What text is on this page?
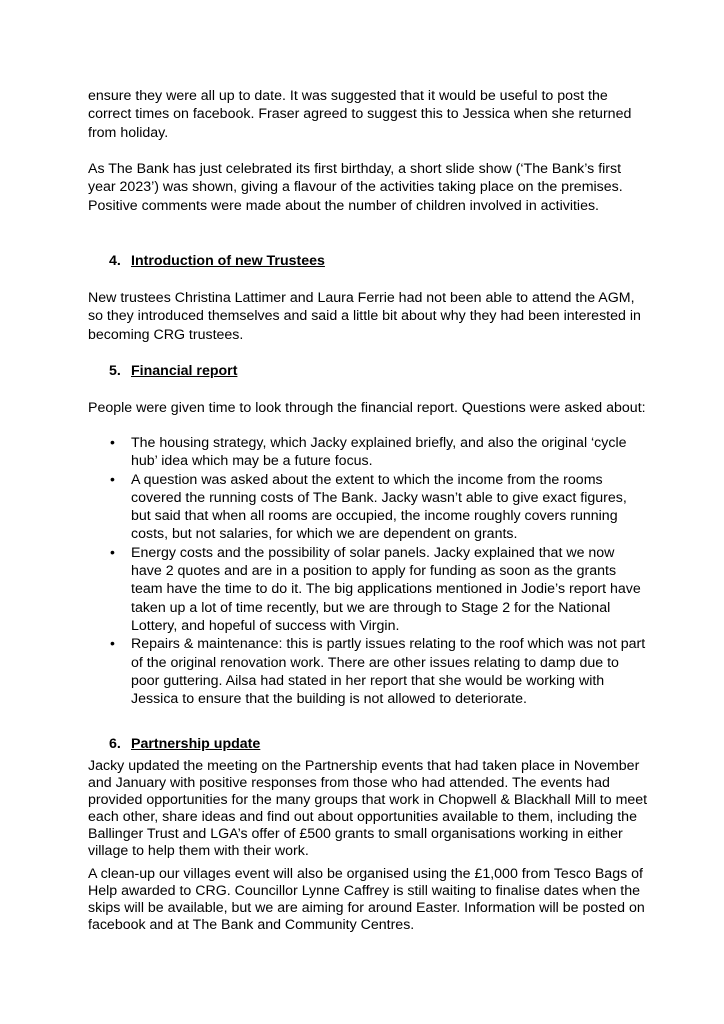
ensure they were all up to date. It was suggested that it would be useful to post the correct times on facebook. Fraser agreed to suggest this to Jessica when she returned from holiday.

As The Bank has just celebrated its first birthday, a short slide show (‘The Bank’s first year 2023’) was shown, giving a flavour of the activities taking place on the premises. Positive comments were made about the number of children involved in activities.

4. Introduction of new Trustees

New trustees Christina Lattimer and Laura Ferrie had not been able to attend the AGM, so they introduced themselves and said a little bit about why they had been interested in becoming CRG trustees.

5. Financial report

People were given time to look through the financial report. Questions were asked about:

• The housing strategy, which Jacky explained briefly, and also the original ‘cycle hub’ idea which may be a future focus.
• A question was asked about the extent to which the income from the rooms covered the running costs of The Bank. Jacky wasn’t able to give exact figures, but said that when all rooms are occupied, the income roughly covers running costs, but not salaries, for which we are dependent on grants.
• Energy costs and the possibility of solar panels. Jacky explained that we now have 2 quotes and are in a position to apply for funding as soon as the grants team have the time to do it. The big applications mentioned in Jodie’s report have taken up a lot of time recently, but we are through to Stage 2 for the National Lottery, and hopeful of success with Virgin.
• Repairs & maintenance: this is partly issues relating to the roof which was not part of the original renovation work. There are other issues relating to damp due to poor guttering. Ailsa had stated in her report that she would be working with Jessica to ensure that the building is not allowed to deteriorate.
6. Partnership update

Jacky updated the meeting on the Partnership events that had taken place in November and January with positive responses from those who had attended. The events had provided opportunities for the many groups that work in Chopwell & Blackhall Mill to meet each other, share ideas and find out about opportunities available to them, including the Ballinger Trust and LGA’s offer of £500 grants to small organisations working in either village to help them with their work.

A clean-up our villages event will also be organised using the £1,000 from Tesco Bags of Help awarded to CRG. Councillor Lynne Caffrey is still waiting to finalise dates when the skips will be available, but we are aiming for around Easter. Information will be posted on facebook and at The Bank and Community Centres.
